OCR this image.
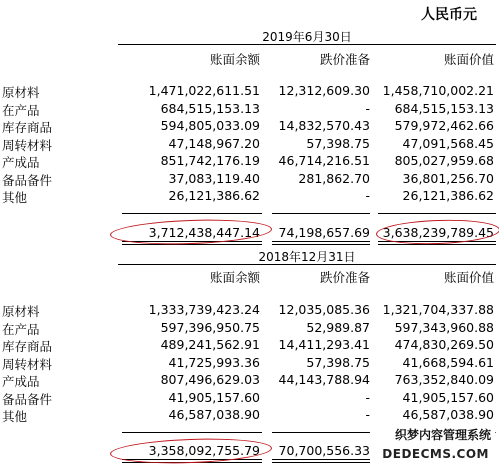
人民币元
2019年6月30日
账面余额	跌价准备	账面价值
原材料	1,471,022,611.51 12,312,609.30 1,458,710,002.21
在产品	684,515,153.13	- 684,515,153.13
库存商品	594,805,033.09 14,832,570.43 579,972,462.66
周转材料	47,148,967.20	57,398.75	47,091,568.45
产成品	851,742,176.19 46,714,216.51 805,027,959.68
备品备件	37,083,119.40	281,862.70	36,801,256.70
其他	26,121,386.62	-	26,121,386.62
3,712,438,447.14 74,198,657.69 3,638,239,789.45
2018年12月31日
账面余额	跌价准备	账面价值
原材料	1,333,739,423.24 12,035,085.36 1,321,704,337.88
在产品	597,396,950.75	52,989.87 597,343,960.88
库存商品	489,241,562.91 14,411,293.41 474,830,269.50
周转材料	41,725,993.36	57,398.75	41,668,594.61
产成品	807,496,629.03 44,143,788.94 763,352,840.09
备品备件	41,905,157.60	-	41,905,157.60
其他	46,587,038.90	-	46,587,038.90
3,358,092,755.79 70,700,556.33
织梦内容管理系统
DEDECMS.COM
